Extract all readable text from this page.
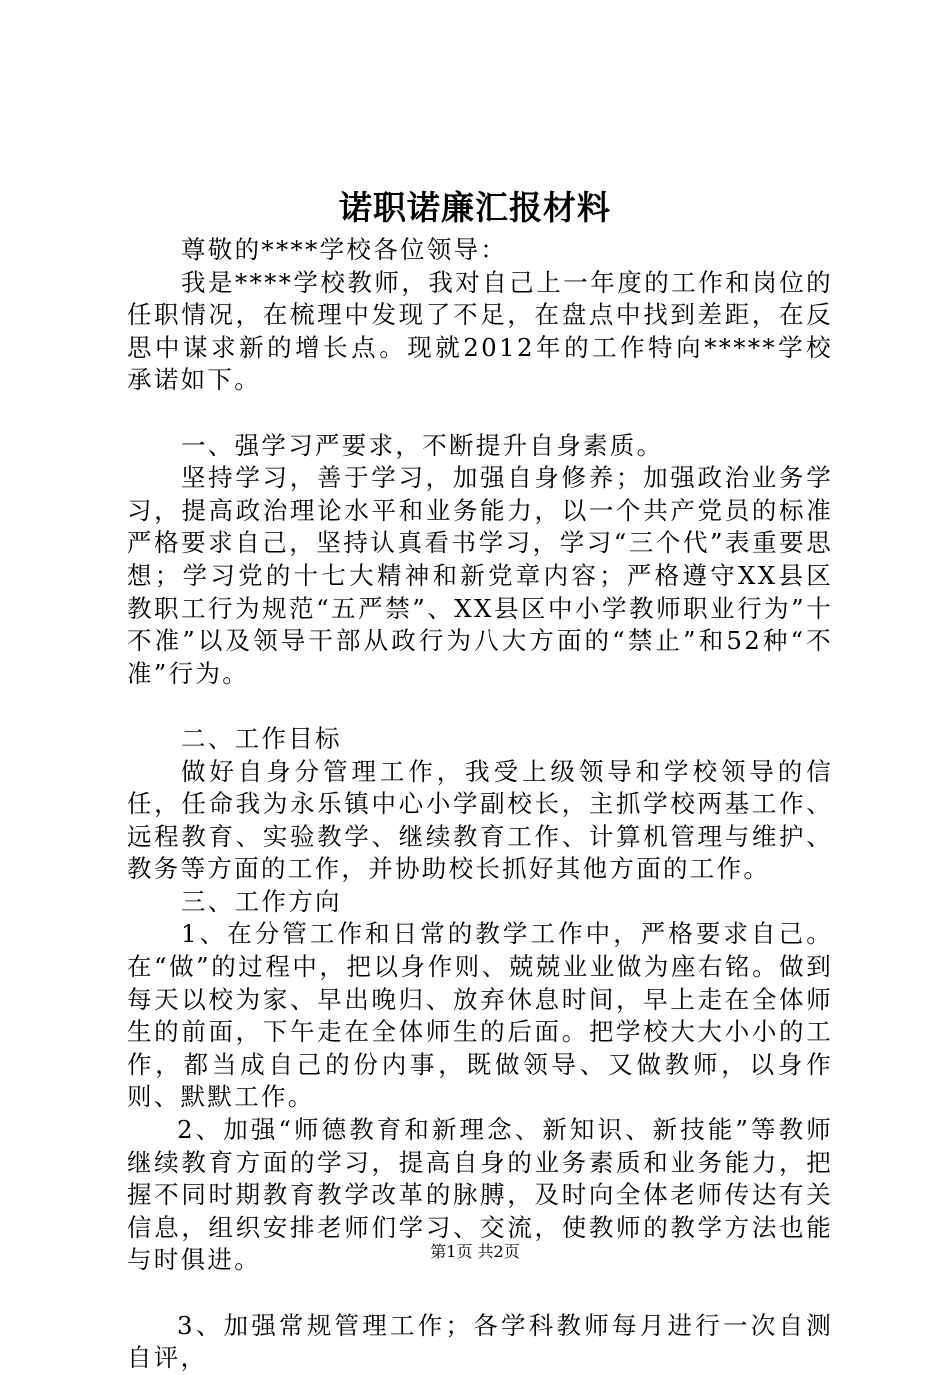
诺职诺廉汇报材料

尊敬的****学校各位领导：

我是****学校教师，我对自己上一年度的工作和岗位的任职情况，在梳理中发现了不足，在盘点中找到差距，在反思中谋求新的增长点。现就2012年的工作特向*****学校承诺如下。

一、强学习严要求，不断提升自身素质。

坚持学习，善于学习，加强自身修养；加强政治业务学习，提高政治理论水平和业务能力，以一个共产党员的标准严格要求自己，坚持认真看书学习，学习“三个代”表重要思想；学习党的十七大精神和新党章内容；严格遵守XX县区教职工行为规范“五严禁”、XX县区中小学教师职业行为”十不准”以及领导干部从政行为八大方面的“禁止”和52种“不准”行为。

二、工作目标

做好自身分管理工作，我受上级领导和学校领导的信任，任命我为永乐镇中心小学副校长，主抓学校两基工作、远程教育、实验教学、继续教育工作、计算机管理与维护、教务等方面的工作，并协助校长抓好其他方面的工作。

三、工作方向

1、在分管工作和日常的教学工作中，严格要求自己。在“做”的过程中，把以身作则、兢兢业业做为座右铭。做到每天以校为家、早出晚归、放弃休息时间，早上走在全体师生的前面，下午走在全体师生的后面。把学校大大小小的工作，都当成自己的份内事，既做领导、又做教师，以身作则、默默工作。

2、加强“师德教育和新理念、新知识、新技能”等教师继续教育方面的学习，提高自身的业务素质和业务能力，把握不同时期教育教学改革的脉膊，及时向全体老师传达有关信息，组织安排老师们学习、交流，使教师的教学方法也能与时俱进。

3、加强常规管理工作；各学科教师每月进行一次自测自评，

第1页 共2页
